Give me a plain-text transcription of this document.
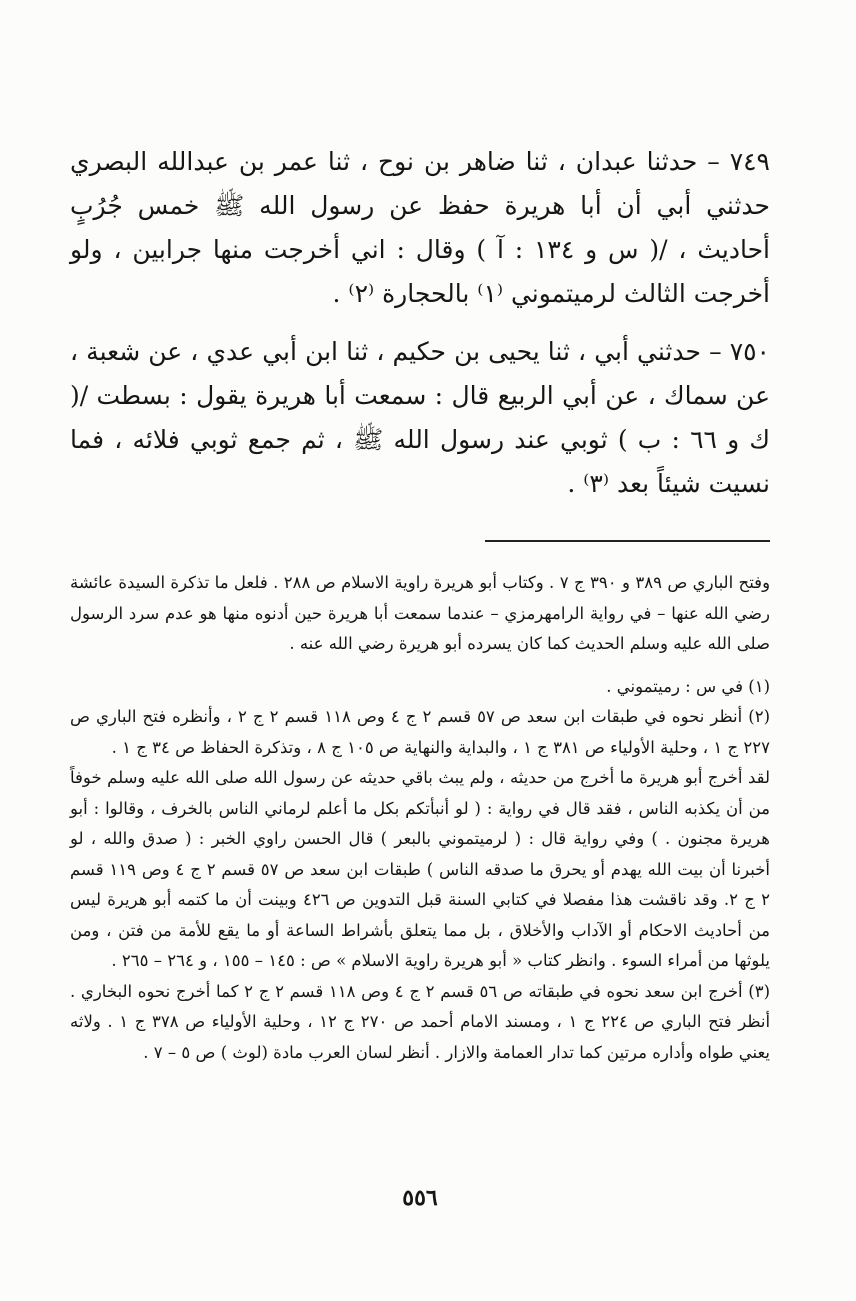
٧٤٩ – حدثنا عبدان ، ثنا ضاهر بن نوح ، ثنا عمر بن عبدالله البصري حدثني أبي أن أبا هريرة حفظ عن رسول الله ﷺ خمس جُرُبٍ أحاديث ، /( س و ١٣٤ : آ ) وقال : اني أخرجت منها جرابين ، ولو أخرجت الثالث لرميتموني ⁽١⁾ بالحجارة ⁽٢⁾ .

٧٥٠ – حدثني أبي ، ثنا يحيى بن حكيم ، ثنا ابن أبي عدي ، عن شعبة ، عن سماك ، عن أبي الربيع قال : سمعت أبا هريرة يقول : بسطت /( ك و ٦٦ : ب ) ثوبي عند رسول الله ﷺ ، ثم جمع ثوبي فلائه ، فما نسيت شيئاً بعد ⁽٣⁾ .

وفتح الباري ص ٣٨٩ و ٣٩٠ ج ٧ . وكتاب أبو هريرة راوية الاسلام ص ٢٨٨ . فلعل ما تذكرة السيدة عائشة رضي الله عنها – في رواية الرامهرمزي – عندما سمعت أبا هريرة حين أدنوه منها هو عدم سرد الرسول صلى الله عليه وسلم الحديث كما كان يسرده أبو هريرة رضي الله عنه .

(١) في س : رميتموني .

(٢) أنظر نحوه في طبقات ابن سعد ص ٥٧ قسم ٢ ج ٤ وص ١١٨ قسم ٢ ج ٢ ، وأنظره فتح الباري ص ٢٢٧ ج ١ ، وحلية الأولياء ص ٣٨١ ج ١ ، والبداية والنهاية ص ١٠٥ ج ٨ ، وتذكرة الحفاظ ص ٣٤ ج ١ .

لقد أخرج أبو هريرة ما أخرج من حديثه ، ولم يبث باقي حديثه عن رسول الله صلى الله عليه وسلم خوفاً من أن يكذبه الناس ، فقد قال في رواية : ( لو أنبأتكم بكل ما أعلم لرماني الناس بالخرف ، وقالوا : أبو هريرة مجنون . ) وفي رواية قال : ( لرميتموني بالبعر ) قال الحسن راوي الخبر : ( صدق والله ، لو أخبرنا أن بيت الله يهدم أو يحرق ما صدقه الناس ) طبقات ابن سعد ص ٥٧ قسم ٢ ج ٤ وص ١١٩ قسم ٢ ج ٢. وقد ناقشت هذا مفصلا في كتابي السنة قبل التدوين ص ٤٢٦ وبينت أن ما كتمه أبو هريرة ليس من أحاديث الاحكام أو الآداب والأخلاق ، بل مما يتعلق بأشراط الساعة أو ما يقع للأمة من فتن ، ومن يلوثها من أمراء السوء . وانظر كتاب « أبو هريرة راوية الاسلام » ص : ١٤٥ – ١٥٥ ، و ٢٦٤ – ٢٦٥ .

(٣) أخرج ابن سعد نحوه في طبقاته ص ٥٦ قسم ٢ ج ٤ وص ١١٨ قسم ٢ ج ٢ كما أخرج نحوه البخاري . أنظر فتح الباري ص ٢٢٤ ج ١ ، ومسند الامام أحمد ص ٢٧٠ ج ١٢ ، وحلية الأولياء ص ٣٧٨ ج ١ . ولاثه يعني طواه وأداره مرتين كما تدار العمامة والازار . أنظر لسان العرب مادة (لوث ) ص ٥ – ٧ .

٥٥٦
